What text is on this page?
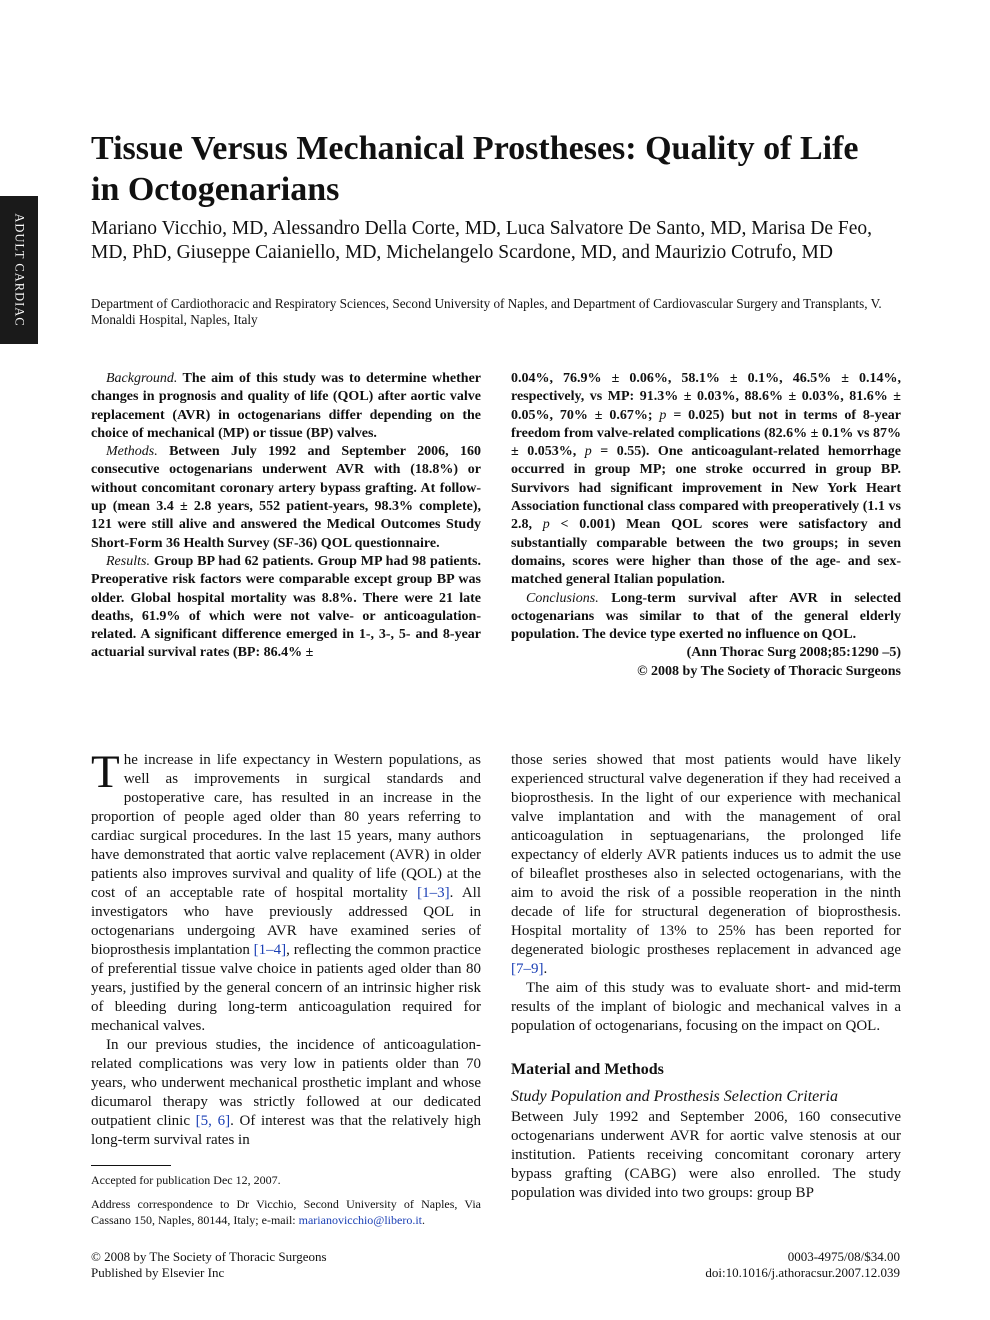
ADULT CARDIAC
Tissue Versus Mechanical Prostheses: Quality of Life in Octogenarians

Mariano Vicchio, MD, Alessandro Della Corte, MD, Luca Salvatore De Santo, MD, Marisa De Feo, MD, PhD, Giuseppe Caianiello, MD, Michelangelo Scardone, MD, and Maurizio Cotrufo, MD

Department of Cardiothoracic and Respiratory Sciences, Second University of Naples, and Department of Cardiovascular Surgery and Transplants, V. Monaldi Hospital, Naples, Italy

Background. The aim of this study was to determine whether changes in prognosis and quality of life (QOL) after aortic valve replacement (AVR) in octogenarians differ depending on the choice of mechanical (MP) or tissue (BP) valves.

Methods. Between July 1992 and September 2006, 160 consecutive octogenarians underwent AVR with (18.8%) or without concomitant coronary artery bypass grafting. At follow-up (mean 3.4 ± 2.8 years, 552 patient-years, 98.3% complete), 121 were still alive and answered the Medical Outcomes Study Short-Form 36 Health Survey (SF-36) QOL questionnaire.

Results. Group BP had 62 patients. Group MP had 98 patients. Preoperative risk factors were comparable except group BP was older. Global hospital mortality was 8.8%. There were 21 late deaths, 61.9% of which were not valve- or anticoagulation-related. A significant difference emerged in 1-, 3-, 5- and 8-year actuarial survival rates (BP: 86.4% ±

0.04%, 76.9% ± 0.06%, 58.1% ± 0.1%, 46.5% ± 0.14%, respectively, vs MP: 91.3% ± 0.03%, 88.6% ± 0.03%, 81.6% ± 0.05%, 70% ± 0.67%; p = 0.025) but not in terms of 8-year freedom from valve-related complications (82.6% ± 0.1% vs 87% ± 0.053%, p = 0.55). One anticoagulant-related hemorrhage occurred in group MP; one stroke occurred in group BP. Survivors had significant improvement in New York Heart Association functional class compared with preoperatively (1.1 vs 2.8, p < 0.001) Mean QOL scores were satisfactory and substantially comparable between the two groups; in seven domains, scores were higher than those of the age- and sex-matched general Italian population.

Conclusions. Long-term survival after AVR in selected octogenarians was similar to that of the general elderly population. The device type exerted no influence on QOL.

(Ann Thorac Surg 2008;85:1290 –5)

© 2008 by The Society of Thoracic Surgeons

The increase in life expectancy in Western populations, as well as improvements in surgical standards and postoperative care, has resulted in an increase in the proportion of people aged older than 80 years referring to cardiac surgical procedures. In the last 15 years, many authors have demonstrated that aortic valve replacement (AVR) in older patients also improves survival and quality of life (QOL) at the cost of an acceptable rate of hospital mortality [1–3]. All investigators who have previously addressed QOL in octogenarians undergoing AVR have examined series of bioprosthesis implantation [1–4], reflecting the common practice of preferential tissue valve choice in patients aged older than 80 years, justified by the general concern of an intrinsic higher risk of bleeding during long-term anticoagulation required for mechanical valves.

In our previous studies, the incidence of anticoagulation-related complications was very low in patients older than 70 years, who underwent mechanical prosthetic implant and whose dicumarol therapy was strictly followed at our dedicated outpatient clinic [5, 6]. Of interest was that the relatively high long-term survival rates in

those series showed that most patients would have likely experienced structural valve degeneration if they had received a bioprosthesis. In the light of our experience with mechanical valve implantation and with the management of oral anticoagulation in septuagenarians, the prolonged life expectancy of elderly AVR patients induces us to admit the use of bileaflet prostheses also in selected octogenarians, with the aim to avoid the risk of a possible reoperation in the ninth decade of life for structural degeneration of bioprosthesis. Hospital mortality of 13% to 25% has been reported for degenerated biologic prostheses replacement in advanced age [7–9].

The aim of this study was to evaluate short- and mid-term results of the implant of biologic and mechanical valves in a population of octogenarians, focusing on the impact on QOL.

Material and Methods
Study Population and Prosthesis Selection Criteria

Between July 1992 and September 2006, 160 consecutive octogenarians underwent AVR for aortic valve stenosis at our institution. Patients receiving concomitant coronary artery bypass grafting (CABG) were also enrolled. The study population was divided into two groups: group BP

Accepted for publication Dec 12, 2007.

Address correspondence to Dr Vicchio, Second University of Naples, Via Cassano 150, Naples, 80144, Italy; e-mail: marianovicchio@libero.it.

© 2008 by The Society of Thoracic Surgeons
Published by Elsevier Inc
0003-4975/08/$34.00
doi:10.1016/j.athoracsur.2007.12.039
